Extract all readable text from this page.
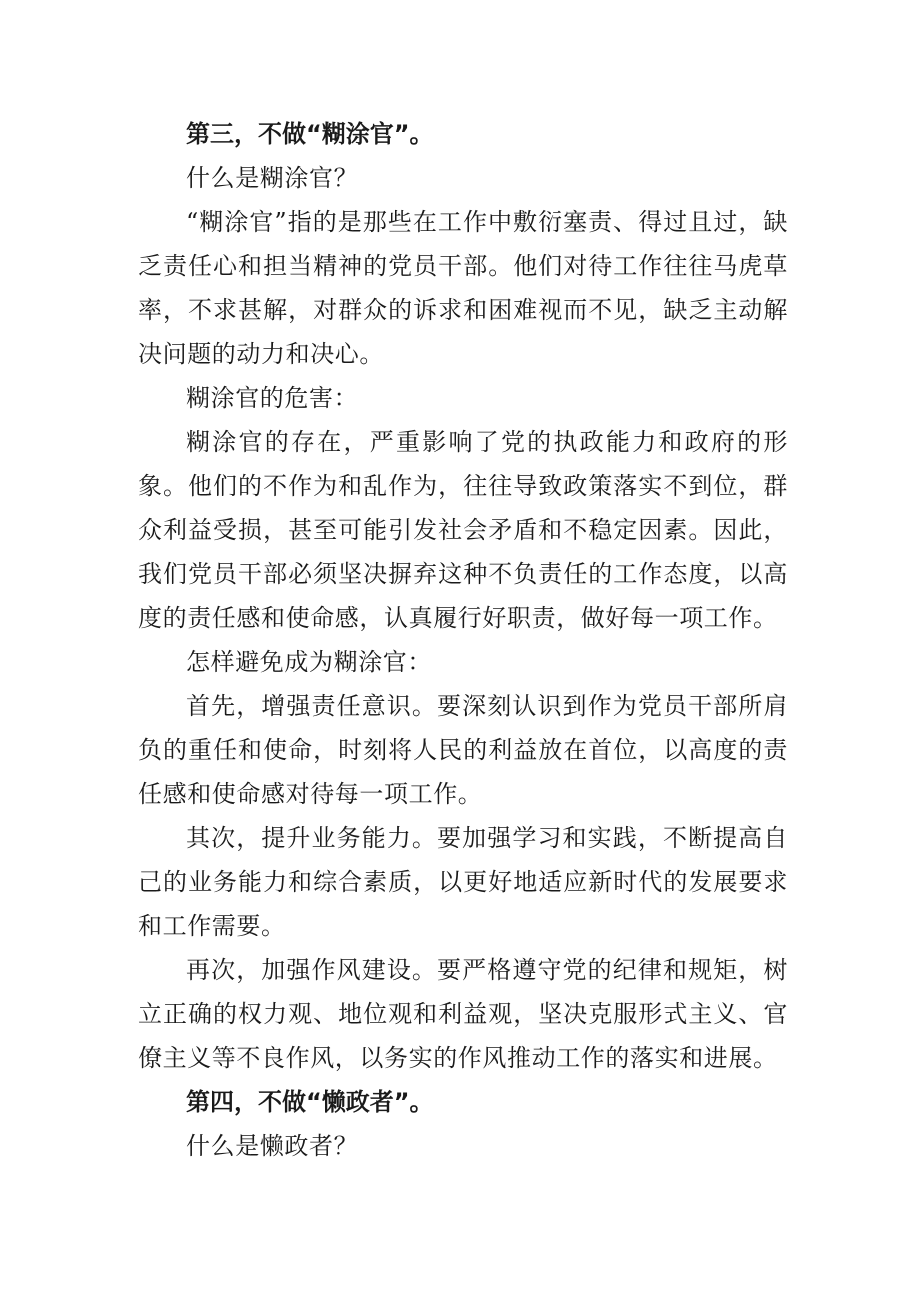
第三，不做“糊涂官”。

什么是糊涂官？

“糊涂官”指的是那些在工作中敷衍塞责、得过且过，缺乏责任心和担当精神的党员干部。他们对待工作往往马虎草率，不求甚解，对群众的诉求和困难视而不见，缺乏主动解决问题的动力和决心。

糊涂官的危害：

糊涂官的存在，严重影响了党的执政能力和政府的形象。他们的不作为和乱作为，往往导致政策落实不到位，群众利益受损，甚至可能引发社会矛盾和不稳定因素。因此，我们党员干部必须坚决摒弃这种不负责任的工作态度，以高度的责任感和使命感，认真履行好职责，做好每一项工作。

怎样避免成为糊涂官：

首先，增强责任意识。要深刻认识到作为党员干部所肩负的重任和使命，时刻将人民的利益放在首位，以高度的责任感和使命感对待每一项工作。

其次，提升业务能力。要加强学习和实践，不断提高自己的业务能力和综合素质，以更好地适应新时代的发展要求和工作需要。

再次，加强作风建设。要严格遵守党的纪律和规矩，树立正确的权力观、地位观和利益观，坚决克服形式主义、官僚主义等不良作风，以务实的作风推动工作的落实和进展。

第四，不做“懒政者”。

什么是懒政者？
